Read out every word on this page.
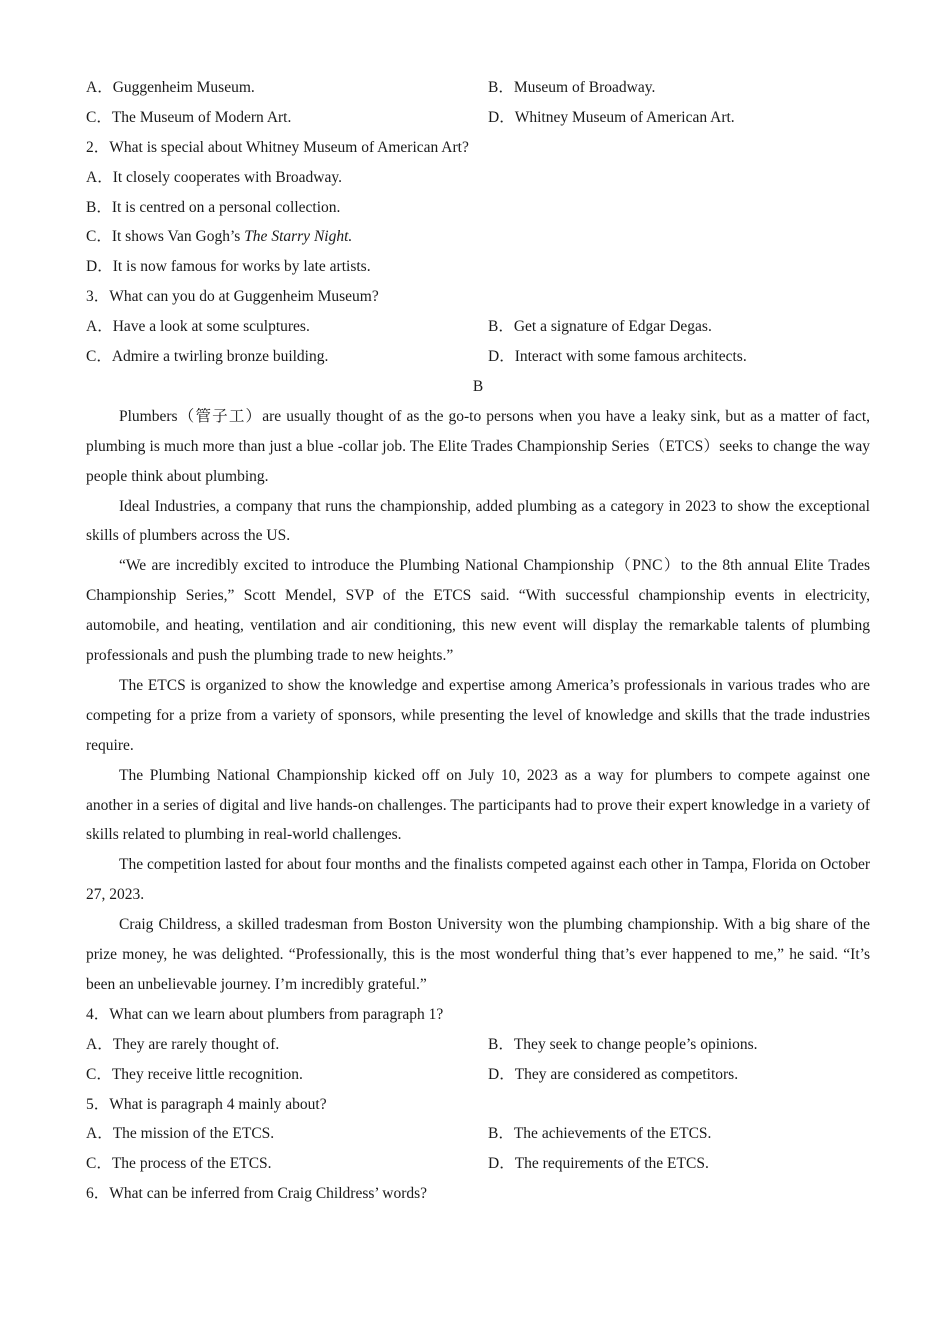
A．Guggenheim Museum.	B．Museum of Broadway.
C．The Museum of Modern Art.	D．Whitney Museum of American Art.
2．What is special about Whitney Museum of American Art?
A．It closely cooperates with Broadway.
B．It is centred on a personal collection.
C．It shows Van Gogh’s The Starry Night.
D．It is now famous for works by late artists.
3．What can you do at Guggenheim Museum?
A．Have a look at some sculptures.	B．Get a signature of Edgar Degas.
C．Admire a twirling bronze building.	D．Interact with some famous architects.
B

Plumbers（管子工）are usually thought of as the go-to persons when you have a leaky sink, but as a matter of fact, plumbing is much more than just a blue -collar job. The Elite Trades Championship Series（ETCS）seeks to change the way people think about plumbing.

Ideal Industries, a company that runs the championship, added plumbing as a category in 2023 to show the exceptional skills of plumbers across the US.

“We are incredibly excited to introduce the Plumbing National Championship（PNC）to the 8th annual Elite Trades Championship Series,” Scott Mendel, SVP of the ETCS said. “With successful championship events in electricity, automobile, and heating, ventilation and air conditioning, this new event will display the remarkable talents of plumbing professionals and push the plumbing trade to new heights.”

The ETCS is organized to show the knowledge and expertise among America’s professionals in various trades who are competing for a prize from a variety of sponsors, while presenting the level of knowledge and skills that the trade industries require.

The Plumbing National Championship kicked off on July 10, 2023 as a way for plumbers to compete against one another in a series of digital and live hands-on challenges. The participants had to prove their expert knowledge in a variety of skills related to plumbing in real-world challenges.

The competition lasted for about four months and the finalists competed against each other in Tampa, Florida on October 27, 2023.

Craig Childress, a skilled tradesman from Boston University won the plumbing championship. With a big share of the prize money, he was delighted. “Professionally, this is the most wonderful thing that’s ever happened to me,” he said. “It’s been an unbelievable journey. I’m incredibly grateful.”

4．What can we learn about plumbers from paragraph 1?
A．They are rarely thought of.	B．They seek to change people’s opinions.
C．They receive little recognition.	D．They are considered as competitors.
5．What is paragraph 4 mainly about?
A．The mission of the ETCS.	B．The achievements of the ETCS.
C．The process of the ETCS.	D．The requirements of the ETCS.
6．What can be inferred from Craig Childress’ words?
